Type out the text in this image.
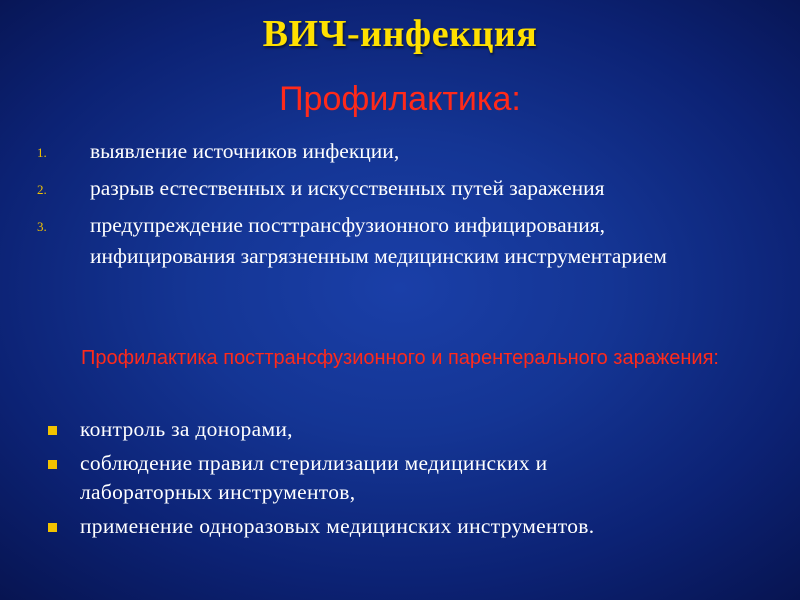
ВИЧ-инфекция
Профилактика:
1. выявление источников инфекции,
2. разрыв естественных и искусственных путей заражения
3. предупреждение посттрансфузионного инфицирования, инфицирования загрязненным медицинским инструментарием
Профилактика посттрансфузионного и парентерального заражения:
контроль за донорами,
соблюдение правил стерилизации медицинских и лабораторных инструментов,
применение одноразовых медицинских инструментов.
